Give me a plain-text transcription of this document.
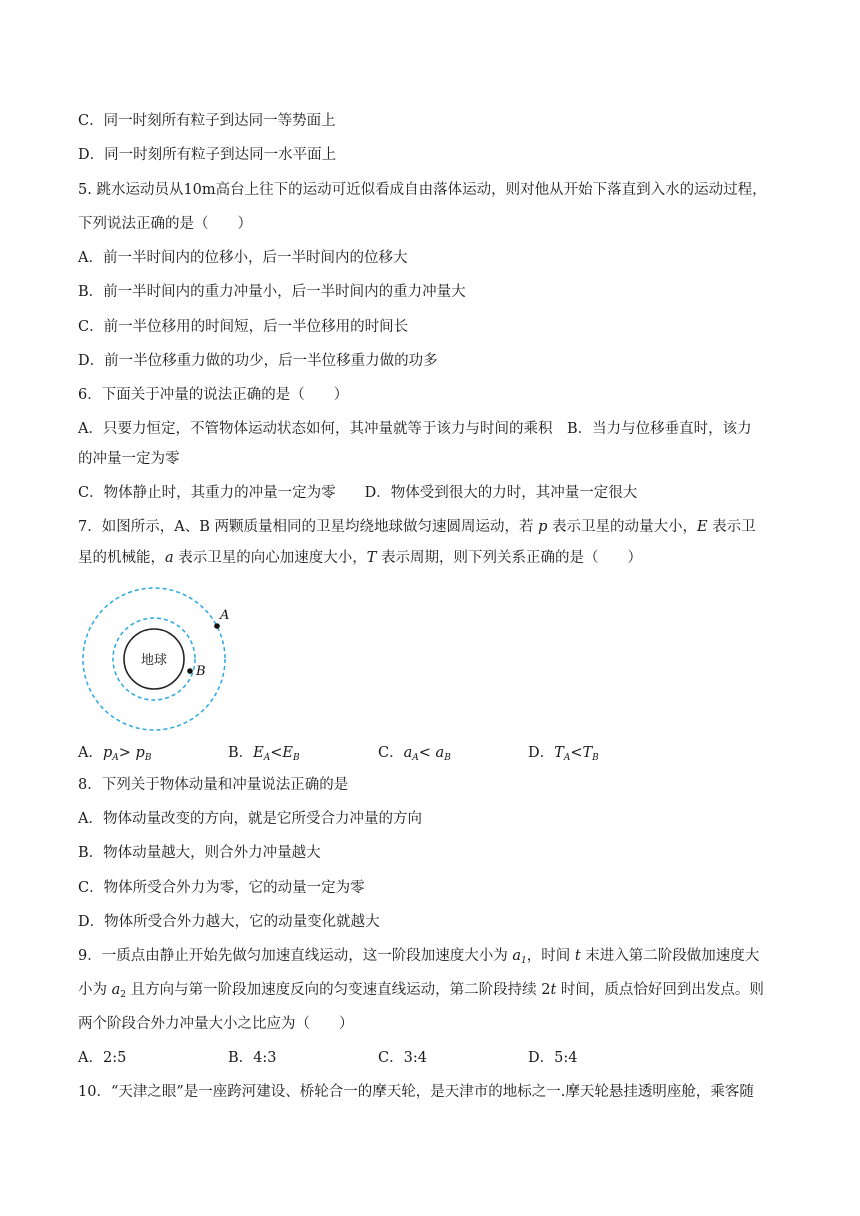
C．同一时刻所有粒子到达同一等势面上
D．同一时刻所有粒子到达同一水平面上
5. 跳水运动员从10m高台上往下的运动可近似看成自由落体运动，则对他从开始下落直到入水的运动过程，
下列说法正确的是（　　）
A．前一半时间内的位移小，后一半时间内的位移大
B．前一半时间内的重力冲量小，后一半时间内的重力冲量大
C．前一半位移用的时间短，后一半位移用的时间长
D．前一半位移重力做的功少，后一半位移重力做的功多
6．下面关于冲量的说法正确的是（　　）
A．只要力恒定，不管物体运动状态如何，其冲量就等于该力与时间的乘积　B．当力与位移垂直时，该力
的冲量一定为零
C．物体静止时，其重力的冲量一定为零　　D．物体受到很大的力时，其冲量一定很大
7．如图所示，A、B 两颗质量相同的卫星均绕地球做匀速圆周运动，若 p 表示卫星的动量大小，E 表示卫
星的机械能，a 表示卫星的向心加速度大小，T 表示周期，则下列关系正确的是（　　）
地球
A
B
A．$p_A> p_B$	B．$E_A<E_B$	C．$a_A< a_B$	D．$T_A<T_B$
8．下列关于物体动量和冲量说法正确的是
A．物体动量改变的方向，就是它所受合力冲量的方向
B．物体动量越大，则合外力冲量越大
C．物体所受合外力为零，它的动量一定为零
D．物体所受合外力越大，它的动量变化就越大
9．一质点由静止开始先做匀加速直线运动，这一阶段加速度大小为 $a_1$，时间 t 末进入第二阶段做加速度大
小为 $a_2$ 且方向与第一阶段加速度反向的匀变速直线运动，第二阶段持续 2t 时间，质点恰好回到出发点。则
两个阶段合外力冲量大小之比应为（　　）
A．2:5	B．4:3	C．3:4	D．5:4
10．“天津之眼”是一座跨河建设、桥轮合一的摩天轮，是天津市的地标之一.摩天轮悬挂透明座舱，乘客随
